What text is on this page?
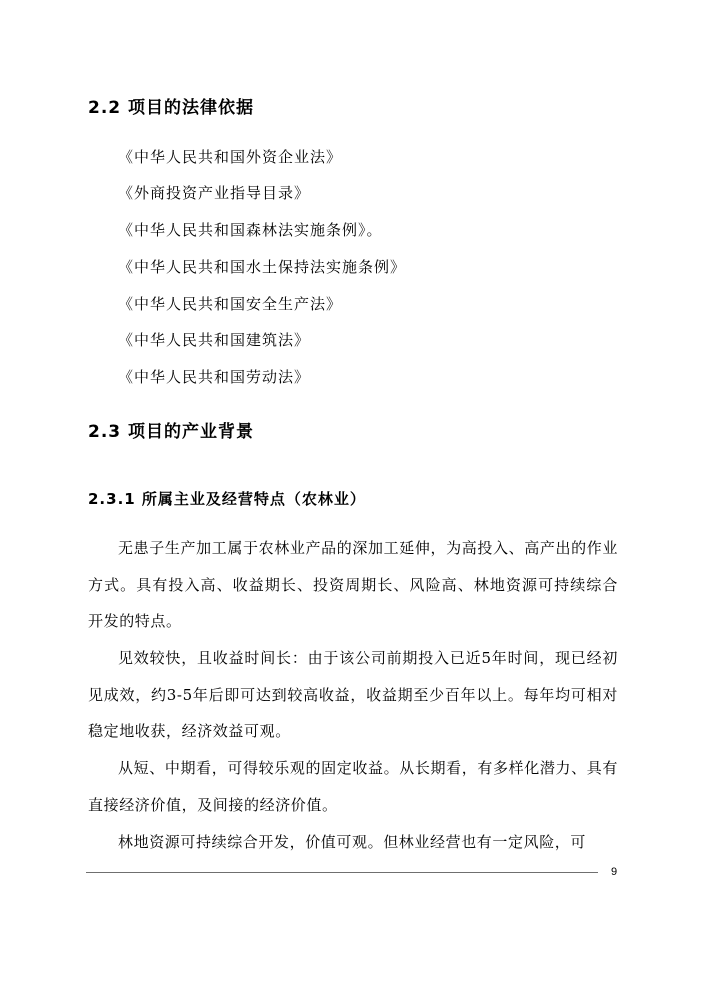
2.2 项目的法律依据
《中华人民共和国外资企业法》
《外商投资产业指导目录》
《中华人民共和国森林法实施条例》。
《中华人民共和国水土保持法实施条例》
《中华人民共和国安全生产法》
《中华人民共和国建筑法》
《中华人民共和国劳动法》
2.3 项目的产业背景
2.3.1 所属主业及经营特点（农林业）

无患子生产加工属于农林业产品的深加工延伸，为高投入、高产出的作业方式。具有投入高、收益期长、投资周期长、风险高、林地资源可持续综合开发的特点。

见效较快，且收益时间长：由于该公司前期投入已近5年时间，现已经初见成效，约3-5年后即可达到较高收益，收益期至少百年以上。每年均可相对稳定地收获，经济效益可观。

从短、中期看，可得较乐观的固定收益。从长期看，有多样化潜力、具有直接经济价值，及间接的经济价值。

林地资源可持续综合开发，价值可观。但林业经营也有一定风险，可

9
